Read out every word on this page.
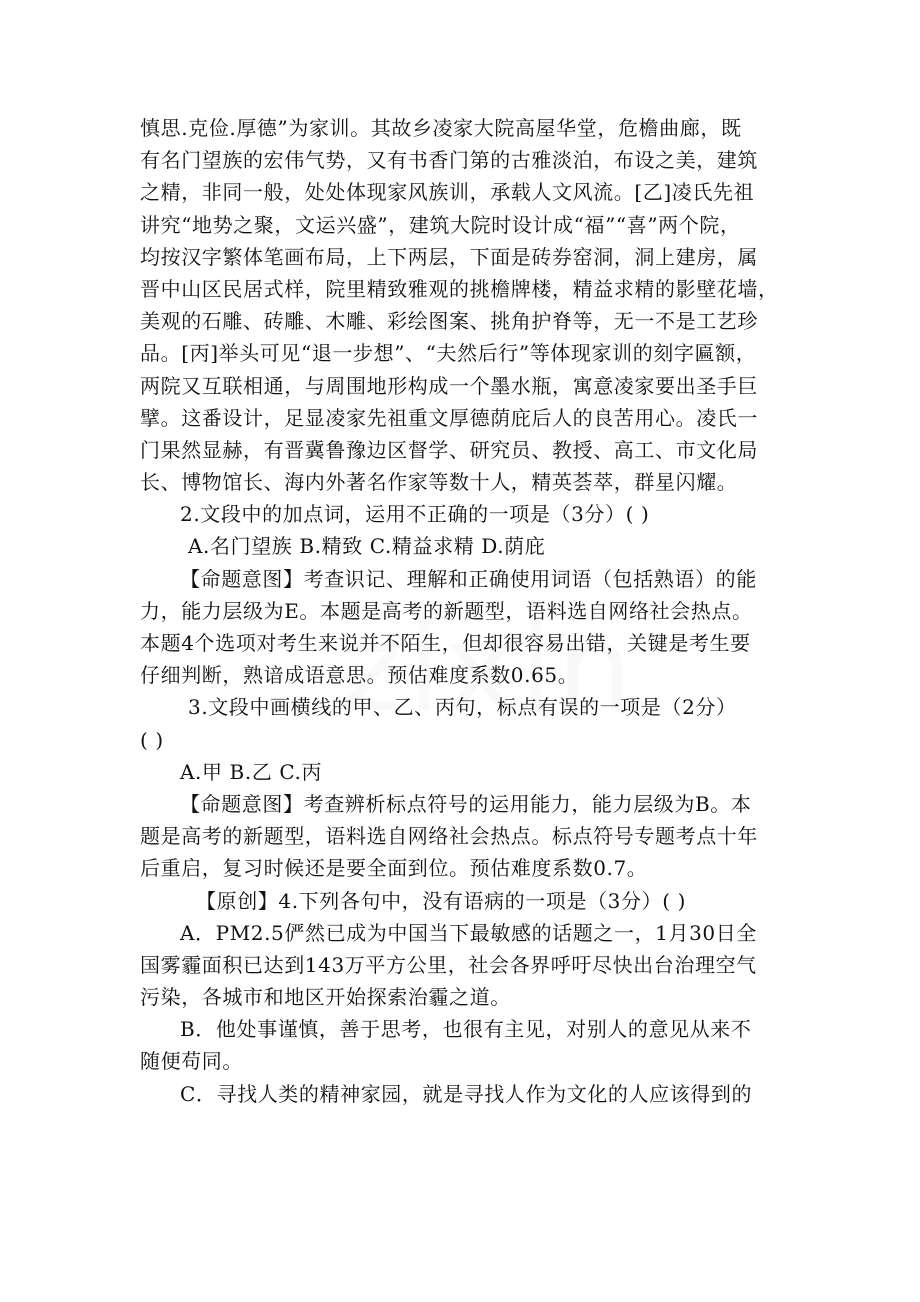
慎思.克俭.厚德”为家训。其故乡凌家大院高屋华堂，危檐曲廊，既
有名门望族的宏伟气势，又有书香门第的古雅淡泊，布设之美，建筑
之精，非同一般，处处体现家风族训，承载人文风流。[乙]凌氏先祖
讲究“地势之聚，文运兴盛”，建筑大院时设计成“福”“喜”两个院，
均按汉字繁体笔画布局，上下两层，下面是砖券窑洞，洞上建房，属
晋中山区民居式样，院里精致雅观的挑檐牌楼，精益求精的影壁花墙，
美观的石雕、砖雕、木雕、彩绘图案、挑角护脊等，无一不是工艺珍
品。[丙]举头可见“退一步想”、“夫然后行”等体现家训的刻字匾额，
两院又互联相通，与周围地形构成一个墨水瓶，寓意凌家要出圣手巨
擘。这番设计，足显凌家先祖重文厚德荫庇后人的良苦用心。凌氏一
门果然显赫，有晋冀鲁豫边区督学、研究员、教授、高工、市文化局
长、博物馆长、海内外著名作家等数十人，精英荟萃，群星闪耀。
2.文段中的加点词，运用不正确的一项是（3分）( )
A.名门望族 B.精致 C.精益求精 D.荫庇
【命题意图】考查识记、理解和正确使用词语（包括熟语）的能
力，能力层级为E。本题是高考的新题型，语料选自网络社会热点。
本题4个选项对考生来说并不陌生，但却很容易出错，关键是考生要
仔细判断，熟谙成语意思。预估难度系数0.65。
3.文段中画横线的甲、乙、丙句，标点有误的一项是（2分）
( )
A.甲 B.乙 C.丙
【命题意图】考查辨析标点符号的运用能力，能力层级为B。本
题是高考的新题型，语料选自网络社会热点。标点符号专题考点十年
后重启，复习时候还是要全面到位。预估难度系数0.7。
【原创】4.下列各句中，没有语病的一项是（3分）( )
A．PM2.5俨然已成为中国当下最敏感的话题之一，1月30日全
国雾霾面积已达到143万平方公里，社会各界呼吁尽快出台治理空气
污染，各城市和地区开始探索治霾之道。
B．他处事谨慎，善于思考，也很有主见，对别人的意见从来不
随便苟同。
C．寻找人类的精神家园，就是寻找人作为文化的人应该得到的
